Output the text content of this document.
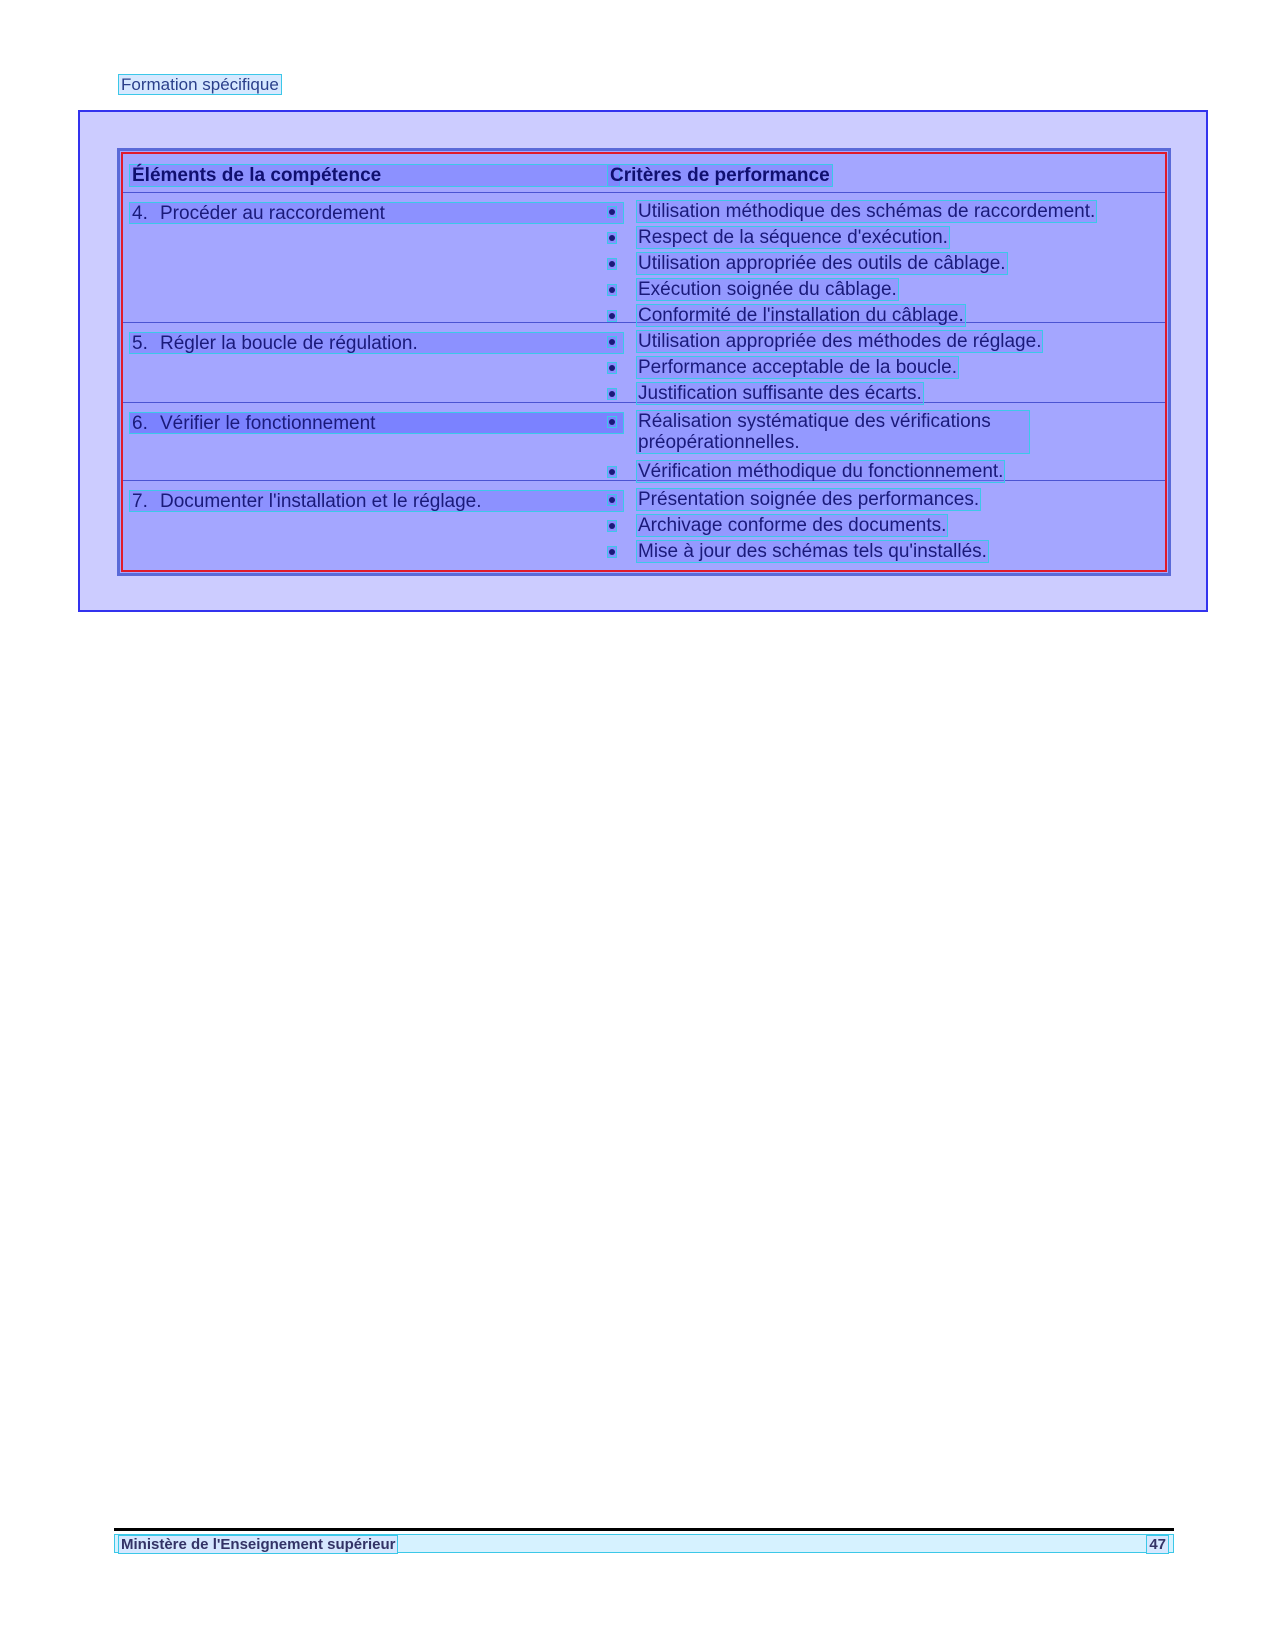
Formation spécifique
Éléments de la compétence	Critères de performance
4. Procéder au raccordement	Utilisation méthodique des schémas de raccordement.
Respect de la séquence d'exécution.
Utilisation appropriée des outils de câblage.
Exécution soignée du câblage.
Conformité de l'installation du câblage.
5. Régler la boucle de régulation.	Utilisation appropriée des méthodes de réglage.
Performance acceptable de la boucle.
Justification suffisante des écarts.
6. Vérifier le fonctionnement	Réalisation systématique des vérifications préopérationnelles.
Vérification méthodique du fonctionnement.
7. Documenter l'installation et le réglage.	Présentation soignée des performances.
Archivage conforme des documents.
Mise à jour des schémas tels qu'installés.
Ministère de l'Enseignement supérieur	47
